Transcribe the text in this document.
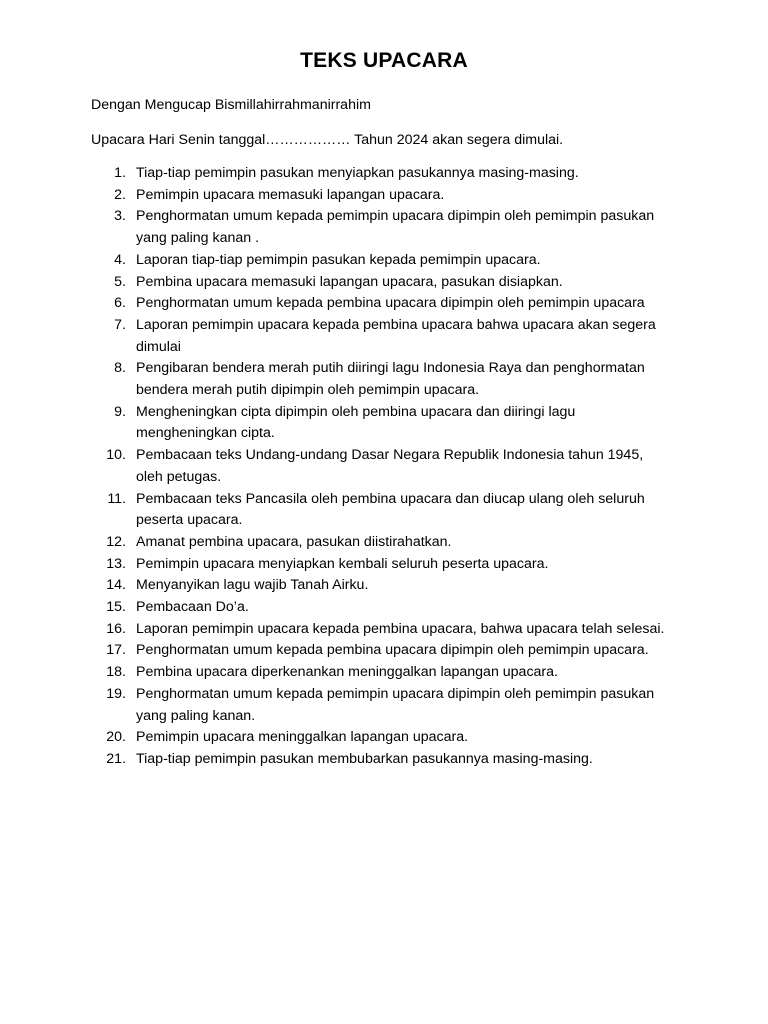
TEKS UPACARA
Dengan Mengucap Bismillahirrahmanirrahim
Upacara Hari Senin tanggal……………… Tahun 2024 akan segera dimulai.
1. Tiap-tiap pemimpin pasukan menyiapkan pasukannya masing-masing.
2. Pemimpin upacara memasuki lapangan upacara.
3. Penghormatan umum kepada pemimpin upacara dipimpin oleh pemimpin pasukan yang paling kanan .
4. Laporan tiap-tiap pemimpin pasukan kepada pemimpin upacara.
5. Pembina upacara memasuki lapangan upacara, pasukan disiapkan.
6. Penghormatan umum kepada pembina upacara dipimpin oleh pemimpin upacara
7. Laporan pemimpin upacara kepada pembina upacara bahwa upacara akan segera dimulai
8. Pengibaran bendera merah putih diiringi lagu Indonesia Raya dan penghormatan bendera merah putih dipimpin oleh pemimpin upacara.
9. Mengheningkan cipta dipimpin oleh pembina upacara dan diiringi lagu mengheningkan cipta.
10. Pembacaan teks Undang-undang Dasar Negara Republik Indonesia tahun 1945, oleh petugas.
11. Pembacaan teks Pancasila oleh pembina upacara dan diucap ulang oleh seluruh peserta upacara.
12. Amanat pembina upacara, pasukan diistirahatkan.
13. Pemimpin upacara menyiapkan kembali seluruh peserta upacara.
14. Menyanyikan lagu wajib Tanah Airku.
15. Pembacaan Do’a.
16. Laporan pemimpin upacara kepada pembina upacara, bahwa upacara telah selesai.
17. Penghormatan umum kepada pembina upacara dipimpin oleh pemimpin upacara.
18. Pembina upacara diperkenankan meninggalkan lapangan upacara.
19. Penghormatan umum kepada pemimpin upacara dipimpin oleh pemimpin pasukan yang paling kanan.
20. Pemimpin upacara meninggalkan lapangan upacara.
21. Tiap-tiap pemimpin pasukan membubarkan pasukannya masing-masing.
